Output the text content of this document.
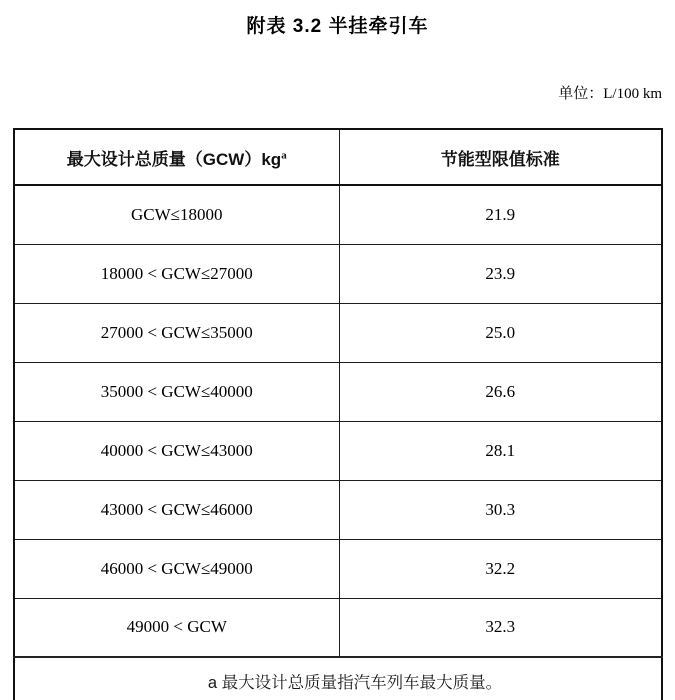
附表 3.2 半挂牵引车
单位：L/100 km
最大设计总质量$(GCW)kg^a$	节能型限值标准
GCW≤18000	21.9
18000 < GCW≤27000	23.9
27000 < GCW≤35000	25.0
35000 < GCW≤40000	26.6
40000 < GCW≤43000	28.1
43000 < GCW≤46000	30.3
46000 < GCW≤49000	32.2
49000 < GCW	32.3
a 最大设计总质量指汽车列车最大质量。	
